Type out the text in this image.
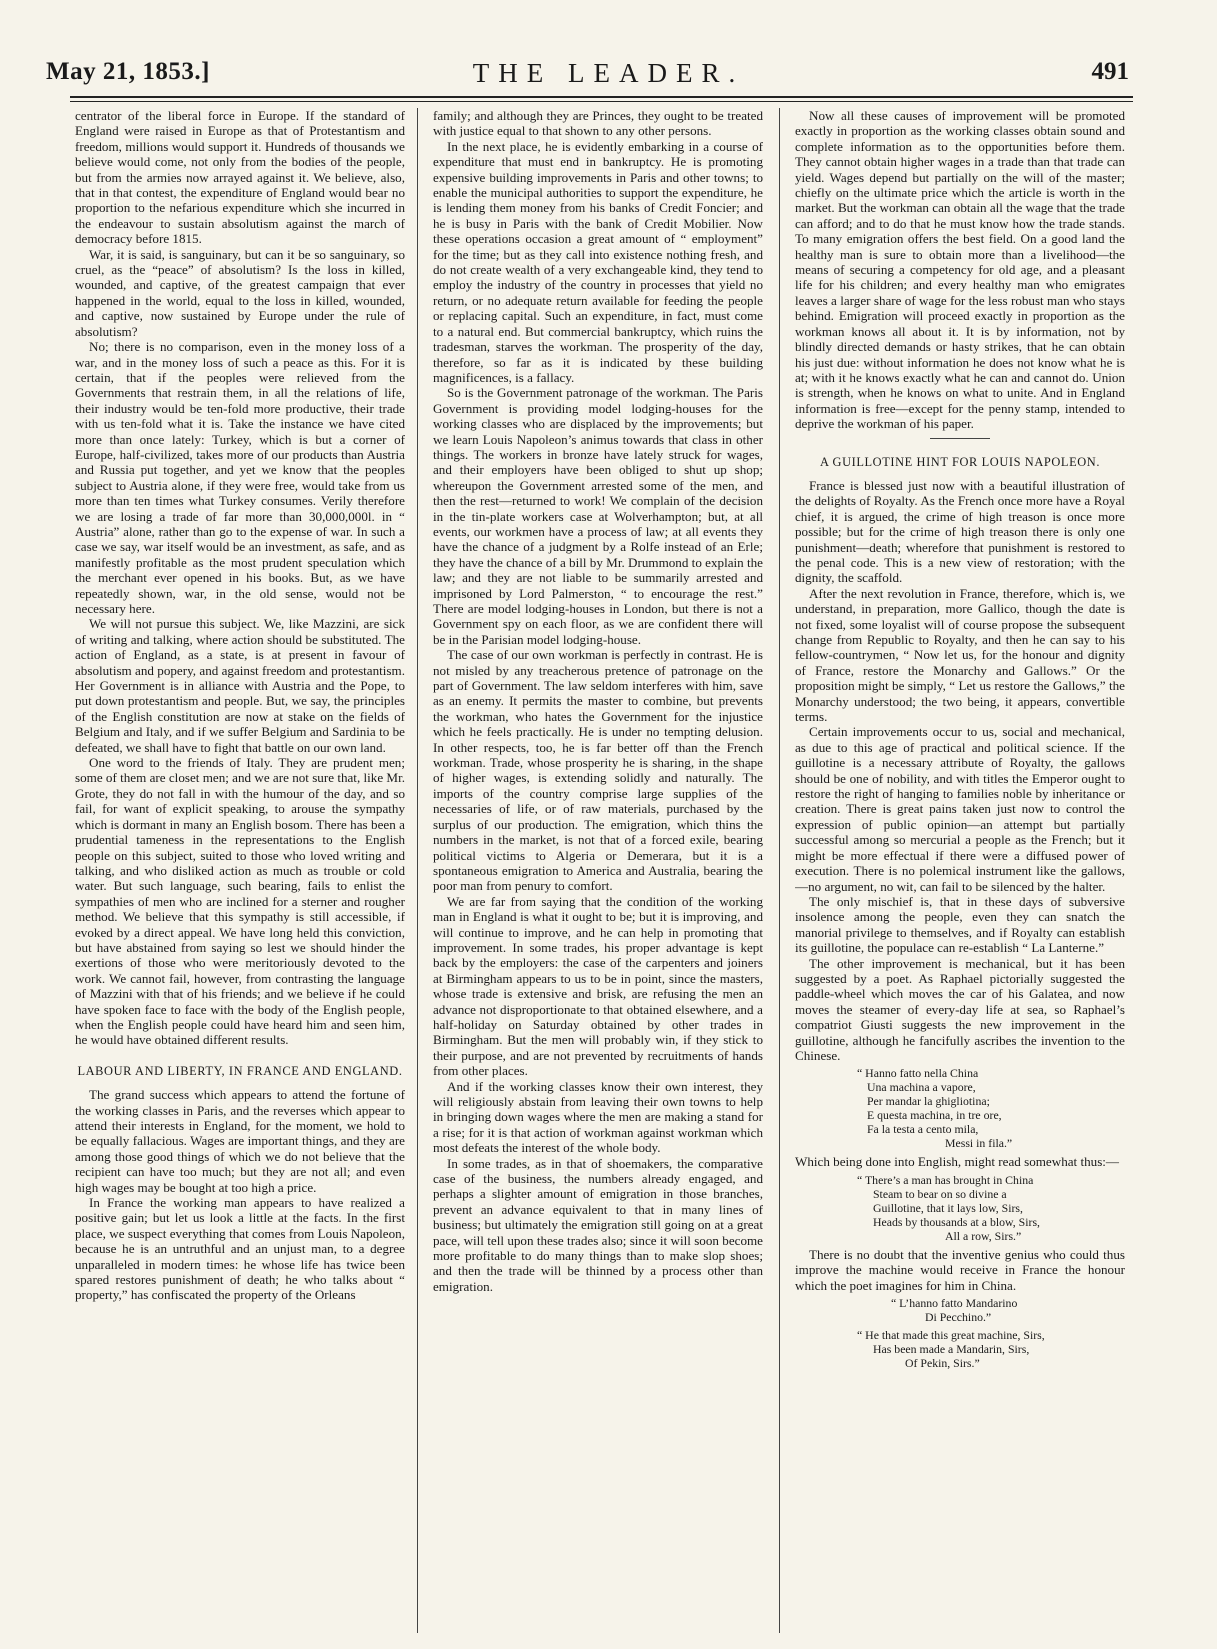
May 21, 1853.]	THE LEADER.	491

centrator of the liberal force in Europe. If the standard of England were raised in Europe as that of Protestantism and freedom, millions would support it. Hundreds of thousands we believe would come, not only from the bodies of the people, but from the armies now arrayed against it. We believe, also, that in that contest, the expenditure of England would bear no proportion to the nefarious expenditure which she incurred in the endeavour to sustain absolutism against the march of democracy before 1815.

War, it is said, is sanguinary, but can it be so sanguinary, so cruel, as the “peace” of absolutism? Is the loss in killed, wounded, and captive, of the greatest campaign that ever happened in the world, equal to the loss in killed, wounded, and captive, now sustained by Europe under the rule of absolutism?

No; there is no comparison, even in the money loss of a war, and in the money loss of such a peace as this. For it is certain, that if the peoples were relieved from the Governments that restrain them, in all the relations of life, their industry would be ten-fold more productive, their trade with us ten-fold what it is. Take the instance we have cited more than once lately: Turkey, which is but a corner of Europe, half-civilized, takes more of our products than Austria and Russia put together, and yet we know that the peoples subject to Austria alone, if they were free, would take from us more than ten times what Turkey consumes. Verily therefore we are losing a trade of far more than 30,000,000l. in “ Austria” alone, rather than go to the expense of war. In such a case we say, war itself would be an investment, as safe, and as manifestly profitable as the most prudent speculation which the merchant ever opened in his books. But, as we have repeatedly shown, war, in the old sense, would not be necessary here.

We will not pursue this subject. We, like Mazzini, are sick of writing and talking, where action should be substituted. The action of England, as a state, is at present in favour of absolutism and popery, and against freedom and protestantism. Her Government is in alliance with Austria and the Pope, to put down protestantism and people. But, we say, the principles of the English constitution are now at stake on the fields of Belgium and Italy, and if we suffer Belgium and Sardinia to be defeated, we shall have to fight that battle on our own land.

One word to the friends of Italy. They are prudent men; some of them are closet men; and we are not sure that, like Mr. Grote, they do not fall in with the humour of the day, and so fail, for want of explicit speaking, to arouse the sympathy which is dormant in many an English bosom. There has been a prudential tameness in the representations to the English people on this subject, suited to those who loved writing and talking, and who disliked action as much as trouble or cold water. But such language, such bearing, fails to enlist the sympathies of men who are inclined for a sterner and rougher method. We believe that this sympathy is still accessible, if evoked by a direct appeal. We have long held this conviction, but have abstained from saying so lest we should hinder the exertions of those who were meritoriously devoted to the work. We cannot fail, however, from contrasting the language of Mazzini with that of his friends; and we believe if he could have spoken face to face with the body of the English people, when the English people could have heard him and seen him, he would have obtained different results.

LABOUR AND LIBERTY, IN FRANCE AND ENGLAND.

The grand success which appears to attend the fortune of the working classes in Paris, and the reverses which appear to attend their interests in England, for the moment, we hold to be equally fallacious. Wages are important things, and they are among those good things of which we do not believe that the recipient can have too much; but they are not all; and even high wages may be bought at too high a price.

In France the working man appears to have realized a positive gain; but let us look a little at the facts. In the first place, we suspect everything that comes from Louis Napoleon, because he is an untruthful and an unjust man, to a degree unparalleled in modern times: he whose life has twice been spared restores punishment of death; he who talks about “ property,” has confiscated the property of the Orleans

family; and although they are Princes, they ought to be treated with justice equal to that shown to any other persons.

In the next place, he is evidently embarking in a course of expenditure that must end in bankruptcy. He is promoting expensive building improvements in Paris and other towns; to enable the municipal authorities to support the expenditure, he is lending them money from his banks of Credit Foncier; and he is busy in Paris with the bank of Credit Mobilier. Now these operations occasion a great amount of “ employment” for the time; but as they call into existence nothing fresh, and do not create wealth of a very exchangeable kind, they tend to employ the industry of the country in processes that yield no return, or no adequate return available for feeding the people or replacing capital. Such an expenditure, in fact, must come to a natural end. But commercial bankruptcy, which ruins the tradesman, starves the workman. The prosperity of the day, therefore, so far as it is indicated by these building magnificences, is a fallacy.

So is the Government patronage of the workman. The Paris Government is providing model lodging-houses for the working classes who are displaced by the improvements; but we learn Louis Napoleon’s animus towards that class in other things. The workers in bronze have lately struck for wages, and their employers have been obliged to shut up shop; whereupon the Government arrested some of the men, and then the rest—returned to work! We complain of the decision in the tin-plate workers case at Wolverhampton; but, at all events, our workmen have a process of law; at all events they have the chance of a judgment by a Rolfe instead of an Erle; they have the chance of a bill by Mr. Drummond to explain the law; and they are not liable to be summarily arrested and imprisoned by Lord Palmerston, “ to encourage the rest.” There are model lodging-houses in London, but there is not a Government spy on each floor, as we are confident there will be in the Parisian model lodging-house.

The case of our own workman is perfectly in contrast. He is not misled by any treacherous pretence of patronage on the part of Government. The law seldom interferes with him, save as an enemy. It permits the master to combine, but prevents the workman, who hates the Government for the injustice which he feels practically. He is under no tempting delusion. In other respects, too, he is far better off than the French workman. Trade, whose prosperity he is sharing, in the shape of higher wages, is extending solidly and naturally. The imports of the country comprise large supplies of the necessaries of life, or of raw materials, purchased by the surplus of our production. The emigration, which thins the numbers in the market, is not that of a forced exile, bearing political victims to Algeria or Demerara, but it is a spontaneous emigration to America and Australia, bearing the poor man from penury to comfort.

We are far from saying that the condition of the working man in England is what it ought to be; but it is improving, and will continue to improve, and he can help in promoting that improvement. In some trades, his proper advantage is kept back by the employers: the case of the carpenters and joiners at Birmingham appears to us to be in point, since the masters, whose trade is extensive and brisk, are refusing the men an advance not disproportionate to that obtained elsewhere, and a half-holiday on Saturday obtained by other trades in Birmingham. But the men will probably win, if they stick to their purpose, and are not prevented by recruitments of hands from other places.

And if the working classes know their own interest, they will religiously abstain from leaving their own towns to help in bringing down wages where the men are making a stand for a rise; for it is that action of workman against workman which most defeats the interest of the whole body.

In some trades, as in that of shoemakers, the comparative case of the business, the numbers already engaged, and perhaps a slighter amount of emigration in those branches, prevent an advance equivalent to that in many lines of business; but ultimately the emigration still going on at a great pace, will tell upon these trades also; since it will soon become more profitable to do many things than to make slop shoes; and then the trade will be thinned by a process other than emigration.

Now all these causes of improvement will be promoted exactly in proportion as the working classes obtain sound and complete information as to the opportunities before them. They cannot obtain higher wages in a trade than that trade can yield. Wages depend but partially on the will of the master; chiefly on the ultimate price which the article is worth in the market. But the workman can obtain all the wage that the trade can afford; and to do that he must know how the trade stands. To many emigration offers the best field. On a good land the healthy man is sure to obtain more than a livelihood—the means of securing a competency for old age, and a pleasant life for his children; and every healthy man who emigrates leaves a larger share of wage for the less robust man who stays behind. Emigration will proceed exactly in proportion as the workman knows all about it. It is by information, not by blindly directed demands or hasty strikes, that he can obtain his just due: without information he does not know what he is at; with it he knows exactly what he can and cannot do. Union is strength, when he knows on what to unite. And in England information is free—except for the penny stamp, intended to deprive the workman of his paper.

A GUILLOTINE HINT FOR LOUIS NAPOLEON.

France is blessed just now with a beautiful illustration of the delights of Royalty. As the French once more have a Royal chief, it is argued, the crime of high treason is once more possible; but for the crime of high treason there is only one punishment—death; wherefore that punishment is restored to the penal code. This is a new view of restoration; with the dignity, the scaffold.

After the next revolution in France, therefore, which is, we understand, in preparation, more Gallico, though the date is not fixed, some loyalist will of course propose the subsequent change from Republic to Royalty, and then he can say to his fellow-countrymen, “ Now let us, for the honour and dignity of France, restore the Monarchy and Gallows.” Or the proposition might be simply, “ Let us restore the Gallows,” the Monarchy understood; the two being, it appears, convertible terms.

Certain improvements occur to us, social and mechanical, as due to this age of practical and political science. If the guillotine is a necessary attribute of Royalty, the gallows should be one of nobility, and with titles the Emperor ought to restore the right of hanging to families noble by inheritance or creation. There is great pains taken just now to control the expression of public opinion—an attempt but partially successful among so mercurial a people as the French; but it might be more effectual if there were a diffused power of execution. There is no polemical instrument like the gallows,—no argument, no wit, can fail to be silenced by the halter.

The only mischief is, that in these days of subversive insolence among the people, even they can snatch the manorial privilege to themselves, and if Royalty can establish its guillotine, the populace can re-establish “ La Lanterne.”

The other improvement is mechanical, but it has been suggested by a poet. As Raphael pictorially suggested the paddle-wheel which moves the car of his Galatea, and now moves the steamer of every-day life at sea, so Raphael’s compatriot Giusti suggests the new improvement in the guillotine, although he fancifully ascribes the invention to the Chinese.

“ Hanno fatto nella China
Una machina a vapore,
Per mandar la ghigliotina;
E questa machina, in tre ore,
Fa la testa a cento mila,
Messi in fila.”

Which being done into English, might read somewhat thus:—

“ There’s a man has brought in China
Steam to bear on so divine a
Guillotine, that it lays low, Sirs,
Heads by thousands at a blow, Sirs,
All a row, Sirs.”

There is no doubt that the inventive genius who could thus improve the machine would receive in France the honour which the poet imagines for him in China.

“ L’hanno fatto Mandarino
Di Pecchino.”
“ He that made this great machine, Sirs,
Has been made a Mandarin, Sirs,
Of Pekin, Sirs.”
